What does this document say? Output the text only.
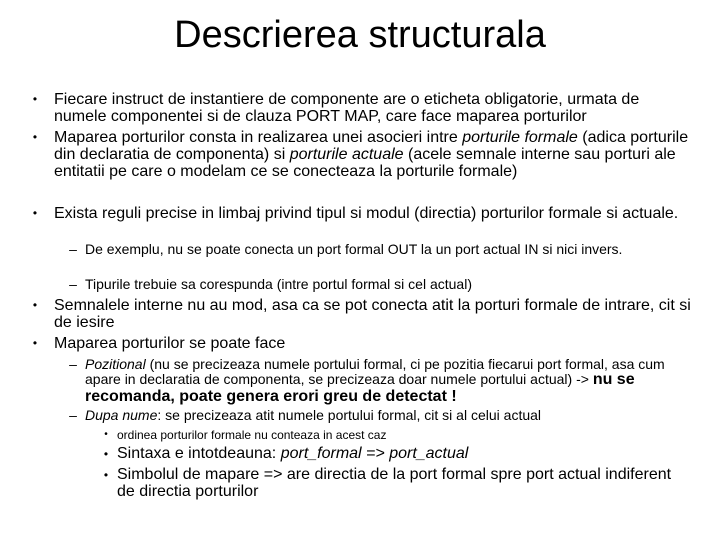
Descrierea structurala
•	Fiecare instruct de instantiere de componente are o eticheta obligatorie, urmata de numele componentei si de clauza PORT MAP, care face maparea porturilor
•	Maparea porturilor consta in realizarea unei asocieri intre porturile formale (adica porturile din declaratia de componenta) si porturile actuale (acele semnale interne sau porturi ale entitatii pe care o modelam ce se conecteaza la porturile formale)
•	Exista reguli precise in limbaj privind tipul si modul (directia) porturilor formale si actuale.
– De exemplu, nu se poate conecta un port formal OUT la un port actual IN si nici invers.
– Tipurile trebuie sa corespunda (intre portul formal si cel actual)
•	Semnalele interne nu au mod, asa ca se pot conecta atit la porturi formale de intrare, cit si de iesire
•	Maparea porturilor se poate face
– Pozitional (nu se precizeaza numele portului formal, ci pe pozitia fiecarui port formal, asa cum apare in declaratia de componenta, se precizeaza doar numele portului actual) -> nu se recomanda, poate genera erori greu de detectat !
– Dupa nume: se precizeaza atit numele portului formal, cit si al celui actual
• ordinea porturilor formale nu conteaza in acest caz
• Sintaxa e intotdeauna: port_formal => port_actual
• Simbolul de mapare => are directia de la port formal spre port actual indiferent de directia porturilor
